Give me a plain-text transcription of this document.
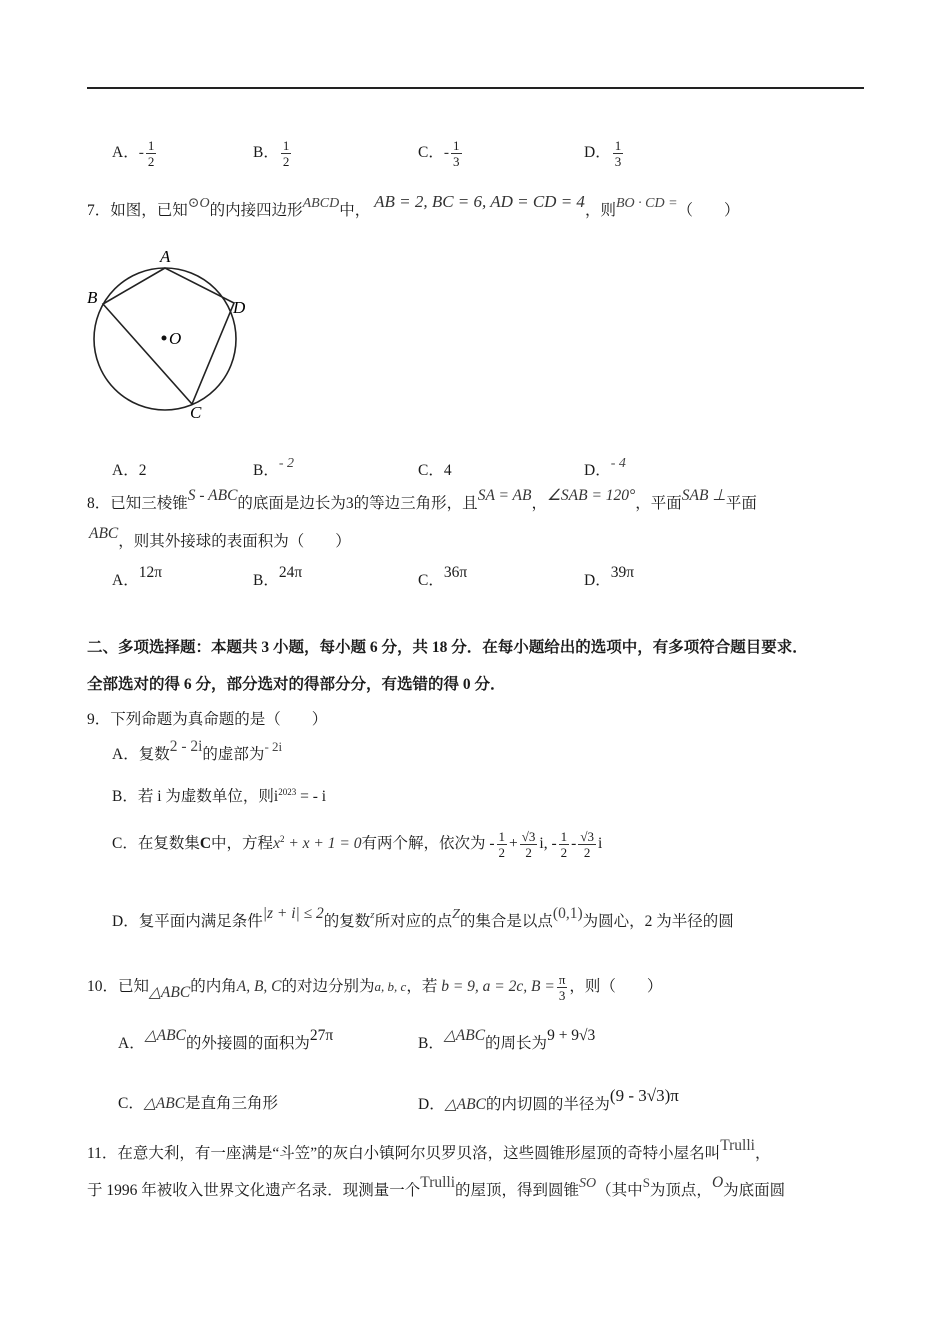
A．- $\frac{1}{2}$	B． $\frac{1}{2}$	C．- $\frac{1}{3}$	D． $\frac{1}{3}$
7．如图，已知⊙O的内接四边形ABCD中， AB = 2, BC = 6, AD = CD = 4，则BO · CD =（　　）
A
B
C
D
O
A．2	B．- 2	C．4	D．- 4
8．已知三棱锥S - ABC的底面是边长为3的等边三角形，且SA = AB，∠SAB = 120°，平面SAB ⊥平面
ABC，则其外接球的表面积为（　　）
A．12π	B．24π	C．36π	D．39π
二、多项选择题：本题共 3 小题，每小题 6 分，共 18 分．在每小题给出的选项中，有多项符合题目要求．
全部选对的得 6 分，部分选对的得部分分，有选错的得 0 分．
9．下列命题为真命题的是（　　）
A．复数2 - 2i的虚部为$^{- 2i}$
B．若 i 为虚数单位，则$i^{2023}$ = - i
C．在复数集C中，方程$x^2 + x + 1 = 0$有两个解，依次为 - $\frac{1}{2} + \frac{√3}{2} i$, - $\frac{1}{2} - \frac{√3}{2}$ i
D．复平面内满足条件|z + i| ≤ 2的复数$^z$所对应的点Z的集合是以点(0,1)为圆心，2 为半径的圆
10．已知△ABC的内角A, B, C的对边分别为a, b, c，若 b = 9, a = 2c, $B = \frac{\pi}{3}$ ，则（　　）
A．△ABC的外接圆的面积为27π	B．△ABC的周长为9 + 9√3
C．△ABC是直角三角形	D．△ABC的内切圆的半径为(9 - 3√3)π
11．在意大利，有一座满是“斗笠”的灰白小镇阿尔贝罗贝洛，这些圆锥形屋顶的奇特小屋名叫Trulli，
于 1996 年被收入世界文化遗产名录．现测量一个Trulli的屋顶，得到圆锥SO（其中$^S$为顶点，O为底面圆
